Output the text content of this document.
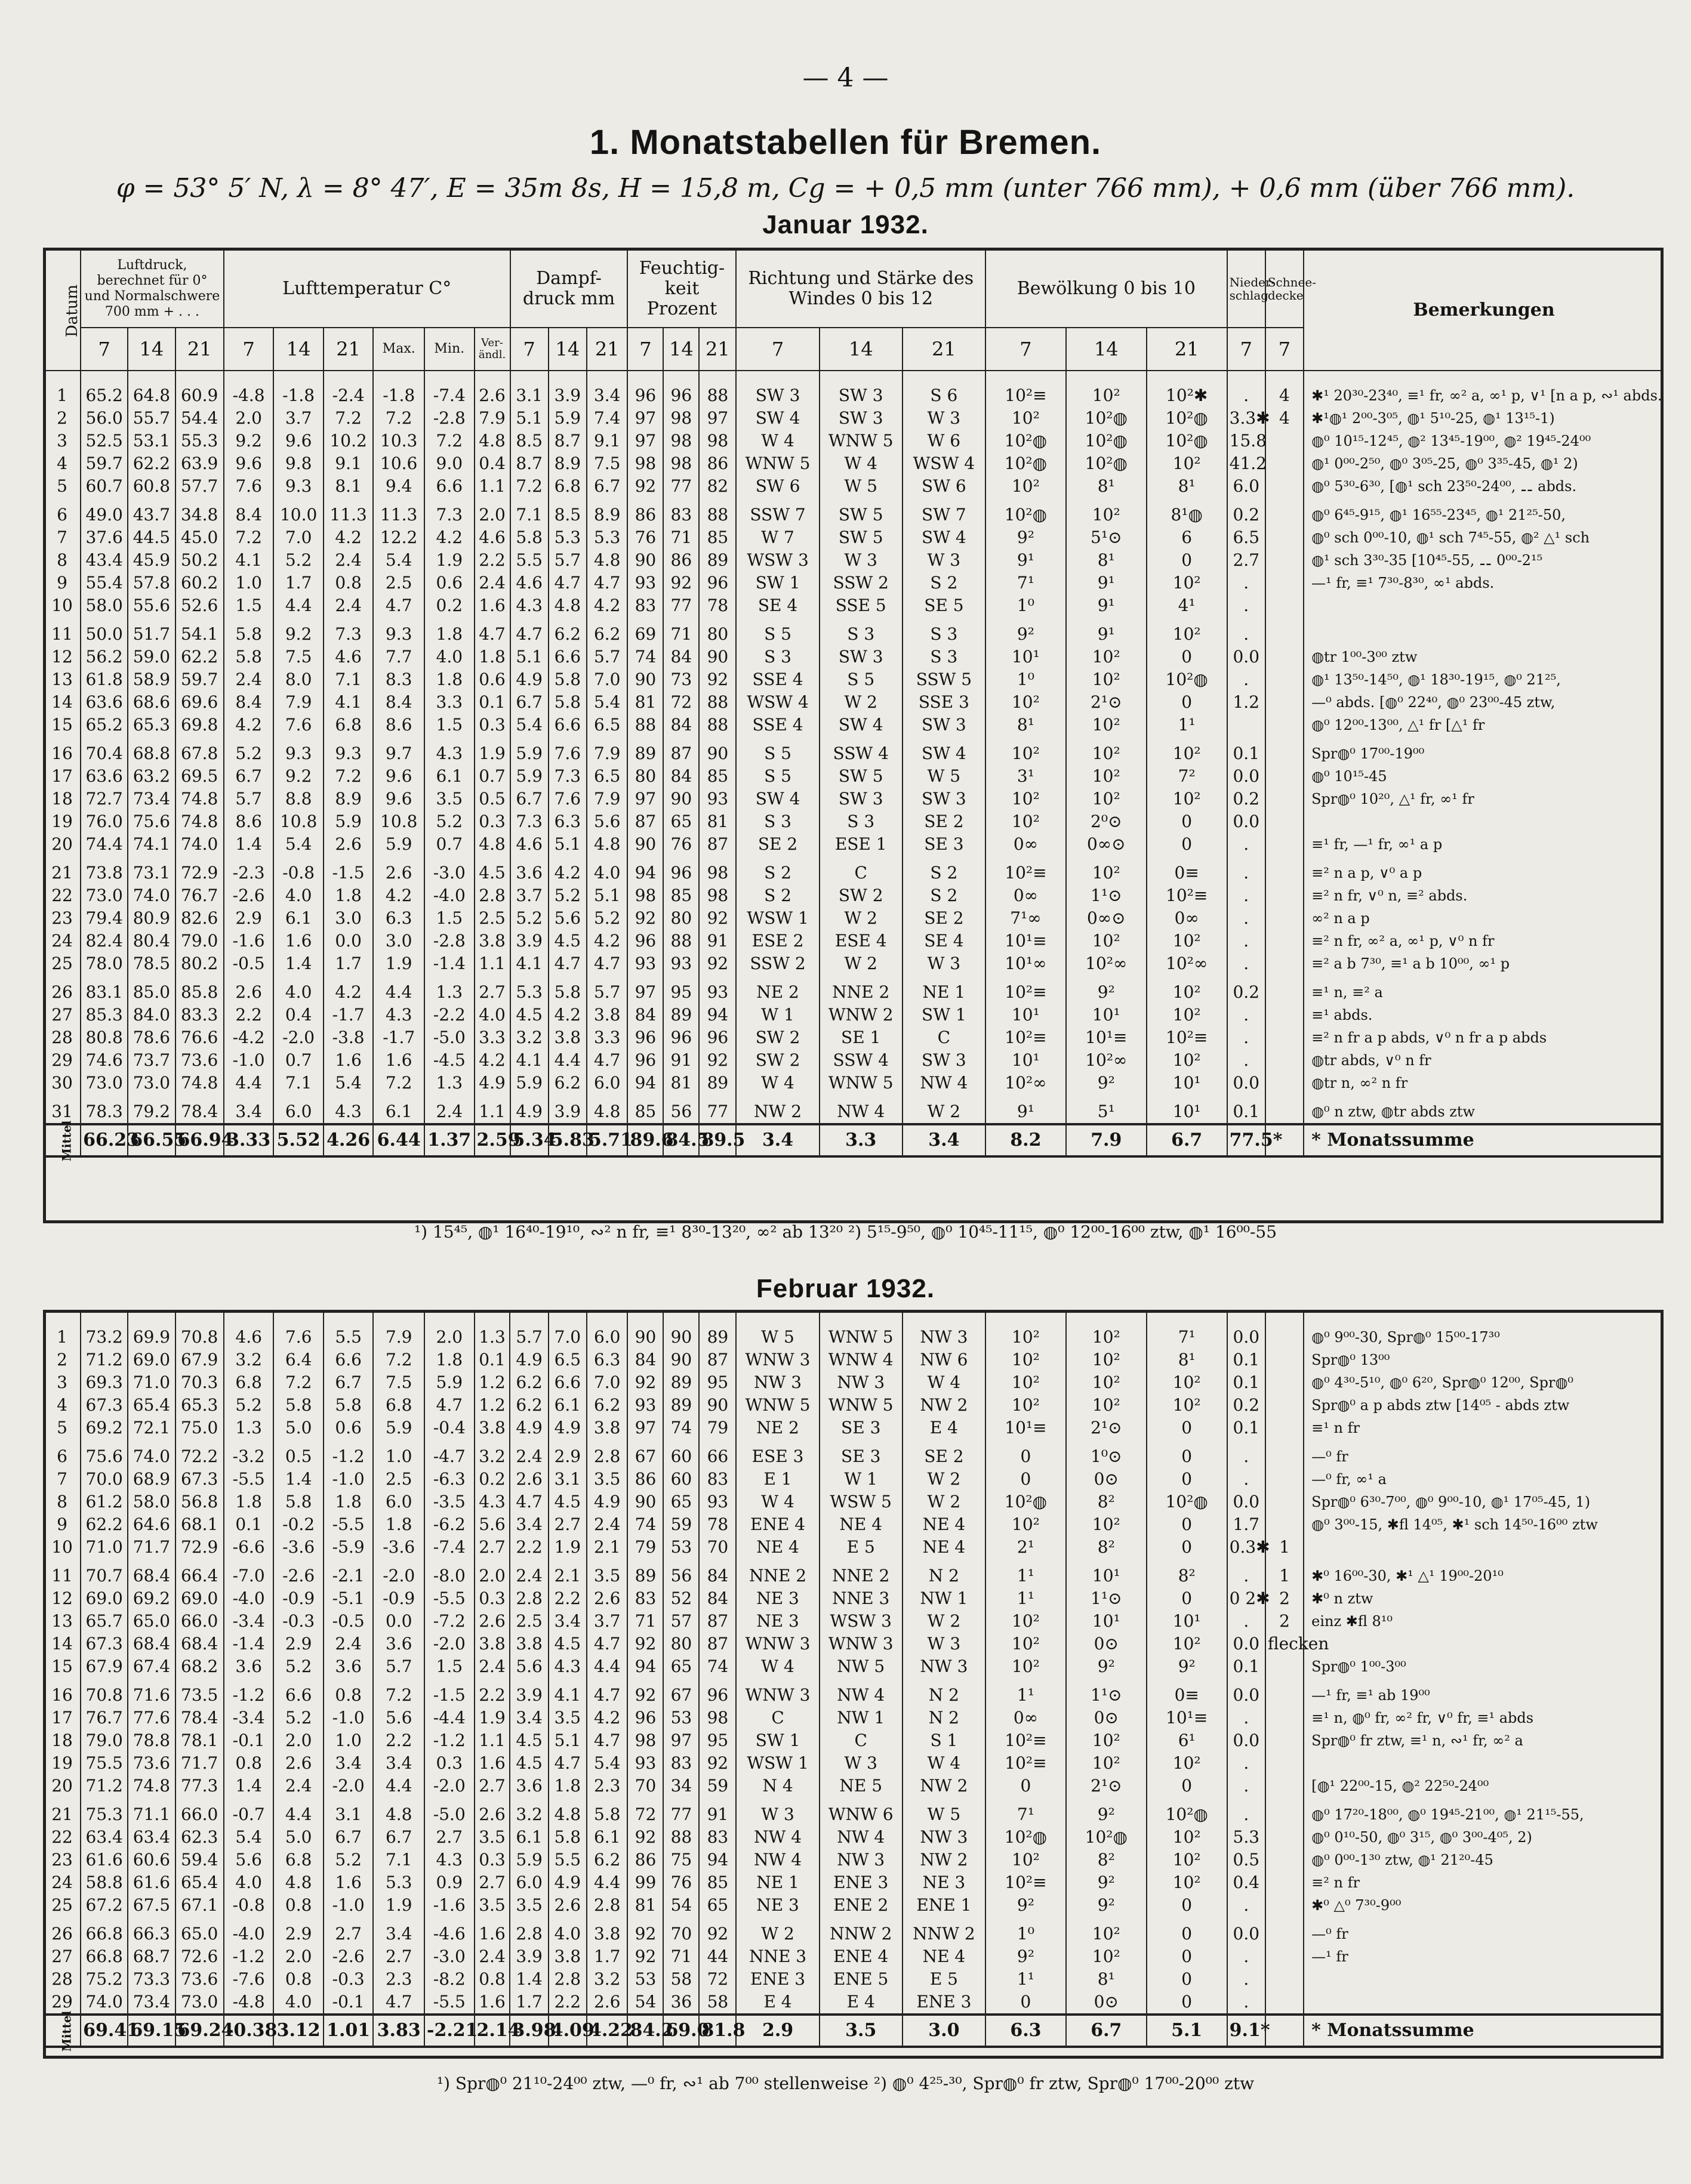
— 4 —
1. Monatstabellen für Bremen.
φ = 53° 5′ N, λ = 8° 47′, E = 35m 8s, H = 15,8 m, Cg = + 0,5 mm (unter 766 mm), + 0,6 mm (über 766 mm).
Januar 1932.
Datum	Luftdruck, berechnet für 0° und Normalschwere 700 mm + . . .			Lufttemperatur C°						Dampf- druck mm			Feuchtig- keit Prozent			Richtung und Stärke des Windes 0 bis 12			Bewölkung 0 bis 10			Nieder- schlag	Schnee- decke	Bemerkungen
	7	14	21	7	14	21	Max.	Min.	Ver- ändl.	7	14	21	7	14	21	7	14	21	7	14	21	7	7	

1	65.2	64.8	60.9	-4.8	-1.8	-2.4	-1.8	-7.4	2.6	3.1	3.9	3.4	96	96	88	SW 3	SW 3	S 6	10²≡	10²	10²✱	.	4	✱¹ 20³⁰-23⁴⁰, ≡¹ fr, ∞² a, ∞¹ p, ∨¹ [n a p, ∾¹ abds.
2	56.0	55.7	54.4	2.0	3.7	7.2	7.2	-2.8	7.9	5.1	5.9	7.4	97	98	97	SW 4	SW 3	W 3	10²	10²◍	10²◍	3.3✱	4	✱¹◍¹ 2⁰⁰-3⁰⁵, ◍¹ 5¹⁰-25, ◍¹ 13¹⁵-1)
3	52.5	53.1	55.3	9.2	9.6	10.2	10.3	7.2	4.8	8.5	8.7	9.1	97	98	98	W 4	WNW 5	W 6	10²◍	10²◍	10²◍	15.8		◍⁰ 10¹⁵-12⁴⁵, ◍² 13⁴⁵-19⁰⁰, ◍² 19⁴⁵-24⁰⁰
4	59.7	62.2	63.9	9.6	9.8	9.1	10.6	9.0	0.4	8.7	8.9	7.5	98	98	86	WNW 5	W 4	WSW 4	10²◍	10²◍	10²	41.2		◍¹ 0⁰⁰-2⁵⁰, ◍⁰ 3⁰⁵-25, ◍⁰ 3³⁵-45, ◍¹ 2)
5	60.7	60.8	57.7	7.6	9.3	8.1	9.4	6.6	1.1	7.2	6.8	6.7	92	77	82	SW 6	W 5	SW 6	10²	8¹	8¹	6.0		◍⁰ 5³⁰-6³⁰, [◍¹ sch 23⁵⁰-24⁰⁰, ⚋ abds.

6	49.0	43.7	34.8	8.4	10.0	11.3	11.3	7.3	2.0	7.1	8.5	8.9	86	83	88	SSW 7	SW 5	SW 7	10²◍	10²	8¹◍	0.2		◍⁰ 6⁴⁵-9¹⁵, ◍¹ 16⁵⁵-23⁴⁵, ◍¹ 21²⁵-50,
7	37.6	44.5	45.0	7.2	7.0	4.2	12.2	4.2	4.6	5.8	5.3	5.3	76	71	85	W 7	SW 5	SW 4	9²	5¹⊙	6	6.5		◍⁰ sch 0⁰⁰-10, ◍¹ sch 7⁴⁵-55, ◍² △¹ sch
8	43.4	45.9	50.2	4.1	5.2	2.4	5.4	1.9	2.2	5.5	5.7	4.8	90	86	89	WSW 3	W 3	W 3	9¹	8¹	0	2.7		◍¹ sch 3³⁰-35 [10⁴⁵-55, ⚋ 0⁰⁰-2¹⁵
9	55.4	57.8	60.2	1.0	1.7	0.8	2.5	0.6	2.4	4.6	4.7	4.7	93	92	96	SW 1	SSW 2	S 2	7¹	9¹	10²	.		—¹ fr, ≡¹ 7³⁰-8³⁰, ∞¹ abds.
10	58.0	55.6	52.6	1.5	4.4	2.4	4.7	0.2	1.6	4.3	4.8	4.2	83	77	78	SE 4	SSE 5	SE 5	1⁰	9¹	4¹	.		

11	50.0	51.7	54.1	5.8	9.2	7.3	9.3	1.8	4.7	4.7	6.2	6.2	69	71	80	S 5	S 3	S 3	9²	9¹	10²	.		
12	56.2	59.0	62.2	5.8	7.5	4.6	7.7	4.0	1.8	5.1	6.6	5.7	74	84	90	S 3	SW 3	S 3	10¹	10²	0	0.0		◍tr 1⁰⁰-3⁰⁰ ztw
13	61.8	58.9	59.7	2.4	8.0	7.1	8.3	1.8	0.6	4.9	5.8	7.0	90	73	92	SSE 4	S 5	SSW 5	1⁰	10²	10²◍	.		◍¹ 13⁵⁰-14⁵⁰, ◍¹ 18³⁰-19¹⁵, ◍⁰ 21²⁵,
14	63.6	68.6	69.6	8.4	7.9	4.1	8.4	3.3	0.1	6.7	5.8	5.4	81	72	88	WSW 4	W 2	SSE 3	10²	2¹⊙	0	1.2		—⁰ abds. [◍⁰ 22⁴⁰, ◍⁰ 23⁰⁰-45 ztw,
15	65.2	65.3	69.8	4.2	7.6	6.8	8.6	1.5	0.3	5.4	6.6	6.5	88	84	88	SSE 4	SW 4	SW 3	8¹	10²	1¹			◍⁰ 12⁰⁰-13⁰⁰, △¹ fr [△¹ fr

16	70.4	68.8	67.8	5.2	9.3	9.3	9.7	4.3	1.9	5.9	7.6	7.9	89	87	90	S 5	SSW 4	SW 4	10²	10²	10²	0.1		Spr◍⁰ 17⁰⁰-19⁰⁰
17	63.6	63.2	69.5	6.7	9.2	7.2	9.6	6.1	0.7	5.9	7.3	6.5	80	84	85	S 5	SW 5	W 5	3¹	10²	7²	0.0		◍⁰ 10¹⁵-45
18	72.7	73.4	74.8	5.7	8.8	8.9	9.6	3.5	0.5	6.7	7.6	7.9	97	90	93	SW 4	SW 3	SW 3	10²	10²	10²	0.2		Spr◍⁰ 10²⁰, △¹ fr, ∞¹ fr
19	76.0	75.6	74.8	8.6	10.8	5.9	10.8	5.2	0.3	7.3	6.3	5.6	87	65	81	S 3	S 3	SE 2	10²	2⁰⊙	0	0.0		
20	74.4	74.1	74.0	1.4	5.4	2.6	5.9	0.7	4.8	4.6	5.1	4.8	90	76	87	SE 2	ESE 1	SE 3	0∞	0∞⊙	0	.		≡¹ fr, —¹ fr, ∞¹ a p

21	73.8	73.1	72.9	-2.3	-0.8	-1.5	2.6	-3.0	4.5	3.6	4.2	4.0	94	96	98	S 2	C	S 2	10²≡	10²	0≡	.		≡² n a p, ∨⁰ a p
22	73.0	74.0	76.7	-2.6	4.0	1.8	4.2	-4.0	2.8	3.7	5.2	5.1	98	85	98	S 2	SW 2	S 2	0∞	1¹⊙	10²≡	.		≡² n fr, ∨⁰ n, ≡² abds.
23	79.4	80.9	82.6	2.9	6.1	3.0	6.3	1.5	2.5	5.2	5.6	5.2	92	80	92	WSW 1	W 2	SE 2	7¹∞	0∞⊙	0∞	.		∞² n a p
24	82.4	80.4	79.0	-1.6	1.6	0.0	3.0	-2.8	3.8	3.9	4.5	4.2	96	88	91	ESE 2	ESE 4	SE 4	10¹≡	10²	10²	.		≡² n fr, ∞² a, ∞¹ p, ∨⁰ n fr
25	78.0	78.5	80.2	-0.5	1.4	1.7	1.9	-1.4	1.1	4.1	4.7	4.7	93	93	92	SSW 2	W 2	W 3	10¹∞	10²∞	10²∞	.		≡² a b 7³⁰, ≡¹ a b 10⁰⁰, ∞¹ p

26	83.1	85.0	85.8	2.6	4.0	4.2	4.4	1.3	2.7	5.3	5.8	5.7	97	95	93	NE 2	NNE 2	NE 1	10²≡	9²	10²	0.2		≡¹ n, ≡² a
27	85.3	84.0	83.3	2.2	0.4	-1.7	4.3	-2.2	4.0	4.5	4.2	3.8	84	89	94	W 1	WNW 2	SW 1	10¹	10¹	10²	.		≡¹ abds.
28	80.8	78.6	76.6	-4.2	-2.0	-3.8	-1.7	-5.0	3.3	3.2	3.8	3.3	96	96	96	SW 2	SE 1	C	10²≡	10¹≡	10²≡	.		≡² n fr a p abds, ∨⁰ n fr a p abds
29	74.6	73.7	73.6	-1.0	0.7	1.6	1.6	-4.5	4.2	4.1	4.4	4.7	96	91	92	SW 2	SSW 4	SW 3	10¹	10²∞	10²	.		◍tr abds, ∨⁰ n fr
30	73.0	73.0	74.8	4.4	7.1	5.4	7.2	1.3	4.9	5.9	6.2	6.0	94	81	89	W 4	WNW 5	NW 4	10²∞	9²	10¹	0.0		◍tr n, ∞² n fr

31	78.3	79.2	78.4	3.4	6.0	4.3	6.1	2.4	1.1	4.9	3.9	4.8	85	56	77	NW 2	NW 4	W 2	9¹	5¹	10¹	0.1		◍⁰ n ztw, ◍tr abds ztw
Mittel	66.23	66.55	66.94	3.33	5.52	4.26	6.44	1.37	2.59	5.34	5.83	5.71	89.6	84.5	89.5	3.4	3.3	3.4	8.2	7.9	6.7	77.5*		* Monatssumme
¹) 15⁴⁵, ◍¹ 16⁴⁰-19¹⁰, ∾² n fr, ≡¹ 8³⁰-13²⁰, ∞² ab 13²⁰ ²) 5¹⁵-9⁵⁰, ◍⁰ 10⁴⁵-11¹⁵, ◍⁰ 12⁰⁰-16⁰⁰ ztw, ◍¹ 16⁰⁰-55
Februar 1932.

1	73.2	69.9	70.8	4.6	7.6	5.5	7.9	2.0	1.3	5.7	7.0	6.0	90	90	89	W 5	WNW 5	NW 3	10²	10²	7¹	0.0		◍⁰ 9⁰⁰-30, Spr◍⁰ 15⁰⁰-17³⁰
2	71.2	69.0	67.9	3.2	6.4	6.6	7.2	1.8	0.1	4.9	6.5	6.3	84	90	87	WNW 3	WNW 4	NW 6	10²	10²	8¹	0.1		Spr◍⁰ 13⁰⁰
3	69.3	71.0	70.3	6.8	7.2	6.7	7.5	5.9	1.2	6.2	6.6	7.0	92	89	95	NW 3	NW 3	W 4	10²	10²	10²	0.1		◍⁰ 4³⁰-5¹⁰, ◍⁰ 6²⁰, Spr◍⁰ 12⁰⁰, Spr◍⁰
4	67.3	65.4	65.3	5.2	5.8	5.8	6.8	4.7	1.2	6.2	6.1	6.2	93	89	90	WNW 5	WNW 5	NW 2	10²	10²	10²	0.2		Spr◍⁰ a p abds ztw [14⁰⁵ - abds ztw
5	69.2	72.1	75.0	1.3	5.0	0.6	5.9	-0.4	3.8	4.9	4.9	3.8	97	74	79	NE 2	SE 3	E 4	10¹≡	2¹⊙	0	0.1		≡¹ n fr

6	75.6	74.0	72.2	-3.2	0.5	-1.2	1.0	-4.7	3.2	2.4	2.9	2.8	67	60	66	ESE 3	SE 3	SE 2	0	1⁰⊙	0	.		—⁰ fr
7	70.0	68.9	67.3	-5.5	1.4	-1.0	2.5	-6.3	0.2	2.6	3.1	3.5	86	60	83	E 1	W 1	W 2	0	0⊙	0	.		—⁰ fr, ∞¹ a
8	61.2	58.0	56.8	1.8	5.8	1.8	6.0	-3.5	4.3	4.7	4.5	4.9	90	65	93	W 4	WSW 5	W 2	10²◍	8²	10²◍	0.0		Spr◍⁰ 6³⁰-7⁰⁰, ◍⁰ 9⁰⁰-10, ◍¹ 17⁰⁵-45, 1)
9	62.2	64.6	68.1	0.1	-0.2	-5.5	1.8	-6.2	5.6	3.4	2.7	2.4	74	59	78	ENE 4	NE 4	NE 4	10²	10²	0	1.7		◍⁰ 3⁰⁰-15, ✱fl 14⁰⁵, ✱¹ sch 14⁵⁰-16⁰⁰ ztw
10	71.0	71.7	72.9	-6.6	-3.6	-5.9	-3.6	-7.4	2.7	2.2	1.9	2.1	79	53	70	NE 4	E 5	NE 4	2¹	8²	0	0.3✱	1	

11	70.7	68.4	66.4	-7.0	-2.6	-2.1	-2.0	-8.0	2.0	2.4	2.1	3.5	89	56	84	NNE 2	NNE 2	N 2	1¹	10¹	8²	.	1	✱⁰ 16⁰⁰-30, ✱¹ △¹ 19⁰⁰-20¹⁰
12	69.0	69.2	69.0	-4.0	-0.9	-5.1	-0.9	-5.5	0.3	2.8	2.2	2.6	83	52	84	NE 3	NNE 3	NW 1	1¹	1¹⊙	0	0 2✱	2	✱⁰ n ztw
13	65.7	65.0	66.0	-3.4	-0.3	-0.5	0.0	-7.2	2.6	2.5	3.4	3.7	71	57	87	NE 3	WSW 3	W 2	10²	10¹	10¹	.	2	einz ✱fl 8¹⁰
14	67.3	68.4	68.4	-1.4	2.9	2.4	3.6	-2.0	3.8	3.8	4.5	4.7	92	80	87	WNW 3	WNW 3	W 3	10²	0⊙	10²	0.0	flecken	
15	67.9	67.4	68.2	3.6	5.2	3.6	5.7	1.5	2.4	5.6	4.3	4.4	94	65	74	W 4	NW 5	NW 3	10²	9²	9²	0.1		Spr◍⁰ 1⁰⁰-3⁰⁰

16	70.8	71.6	73.5	-1.2	6.6	0.8	7.2	-1.5	2.2	3.9	4.1	4.7	92	67	96	WNW 3	NW 4	N 2	1¹	1¹⊙	0≡	0.0		—¹ fr, ≡¹ ab 19⁰⁰
17	76.7	77.6	78.4	-3.4	5.2	-1.0	5.6	-4.4	1.9	3.4	3.5	4.2	96	53	98	C	NW 1	N 2	0∞	0⊙	10¹≡	.		≡¹ n, ◍⁰ fr, ∞² fr, ∨⁰ fr, ≡¹ abds
18	79.0	78.8	78.1	-0.1	2.0	1.0	2.2	-1.2	1.1	4.5	5.1	4.7	98	97	95	SW 1	C	S 1	10²≡	10²	6¹	0.0		Spr◍⁰ fr ztw, ≡¹ n, ∾¹ fr, ∞² a
19	75.5	73.6	71.7	0.8	2.6	3.4	3.4	0.3	1.6	4.5	4.7	5.4	93	83	92	WSW 1	W 3	W 4	10²≡	10²	10²	.		
20	71.2	74.8	77.3	1.4	2.4	-2.0	4.4	-2.0	2.7	3.6	1.8	2.3	70	34	59	N 4	NE 5	NW 2	0	2¹⊙	0	.		[◍¹ 22⁰⁰-15, ◍² 22⁵⁰-24⁰⁰

21	75.3	71.1	66.0	-0.7	4.4	3.1	4.8	-5.0	2.6	3.2	4.8	5.8	72	77	91	W 3	WNW 6	W 5	7¹	9²	10²◍	.		◍⁰ 17²⁰-18⁰⁰, ◍⁰ 19⁴⁵-21⁰⁰, ◍¹ 21¹⁵-55,
22	63.4	63.4	62.3	5.4	5.0	6.7	6.7	2.7	3.5	6.1	5.8	6.1	92	88	83	NW 4	NW 4	NW 3	10²◍	10²◍	10²	5.3		◍⁰ 0¹⁰-50, ◍⁰ 3¹⁵, ◍⁰ 3⁰⁰-4⁰⁵, 2)
23	61.6	60.6	59.4	5.6	6.8	5.2	7.1	4.3	0.3	5.9	5.5	6.2	86	75	94	NW 4	NW 3	NW 2	10²	8²	10²	0.5		◍⁰ 0⁰⁰-1³⁰ ztw, ◍¹ 21²⁰-45
24	58.8	61.6	65.4	4.0	4.8	1.6	5.3	0.9	2.7	6.0	4.9	4.4	99	76	85	NE 1	ENE 3	NE 3	10²≡	9²	10²	0.4		≡² n fr
25	67.2	67.5	67.1	-0.8	0.8	-1.0	1.9	-1.6	3.5	3.5	2.6	2.8	81	54	65	NE 3	ENE 2	ENE 1	9²	9²	0	.		✱⁰ △⁰ 7³⁰-9⁰⁰

26	66.8	66.3	65.0	-4.0	2.9	2.7	3.4	-4.6	1.6	2.8	4.0	3.8	92	70	92	W 2	NNW 2	NNW 2	1⁰	10²	0	0.0		—⁰ fr
27	66.8	68.7	72.6	-1.2	2.0	-2.6	2.7	-3.0	2.4	3.9	3.8	1.7	92	71	44	NNE 3	ENE 4	NE 4	9²	10²	0	.		—¹ fr
28	75.2	73.3	73.6	-7.6	0.8	-0.3	2.3	-8.2	0.8	1.4	2.8	3.2	53	58	72	ENE 3	ENE 5	E 5	1¹	8¹	0	.		
29	74.0	73.4	73.0	-4.8	4.0	-0.1	4.7	-5.5	1.6	1.7	2.2	2.6	54	36	58	E 4	E 4	ENE 3	0	0⊙	0	.		
Mittel	69.41	69.15	69.24	-0.38	3.12	1.01	3.83	-2.21	2.14	3.98	4.09	4.22	84.2	69.0	81.8	2.9	3.5	3.0	6.3	6.7	5.1	9.1*		* Monatssumme
¹) Spr◍⁰ 21¹⁰-24⁰⁰ ztw, —⁰ fr, ∾¹ ab 7⁰⁰ stellenweise ²) ◍⁰ 4²⁵-³⁰, Spr◍⁰ fr ztw, Spr◍⁰ 17⁰⁰-20⁰⁰ ztw
